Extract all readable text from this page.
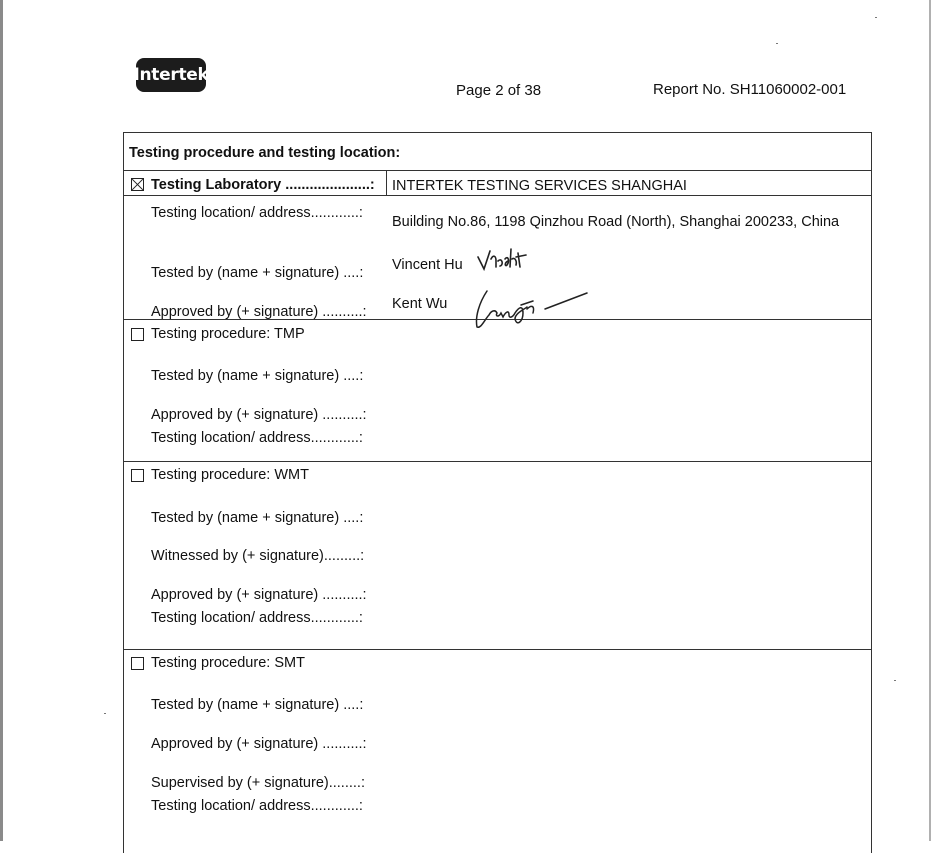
Intertek
Page 2 of 38	Report No. SH11060002-001
Testing procedure and testing location:
Testing Laboratory .....................: INTERTEK TESTING SERVICES SHANGHAI
Testing location/ address............:
Building No.86, 1198 Qinzhou Road (North), Shanghai 200233, China
Tested by (name + signature) ....: Vincent Hu
Approved by (+ signature) ..........: Kent Wu
Testing procedure: TMP
Tested by (name + signature) ....:
Approved by (+ signature) ..........:
Testing location/ address............:
Testing procedure: WMT
Tested by (name + signature) ....:
Witnessed by (+ signature).........:
Approved by (+ signature) ..........:
Testing location/ address............:
Testing procedure: SMT
Tested by (name + signature) ....:
Approved by (+ signature) ..........:
Supervised by (+ signature)........:
Testing location/ address............:
